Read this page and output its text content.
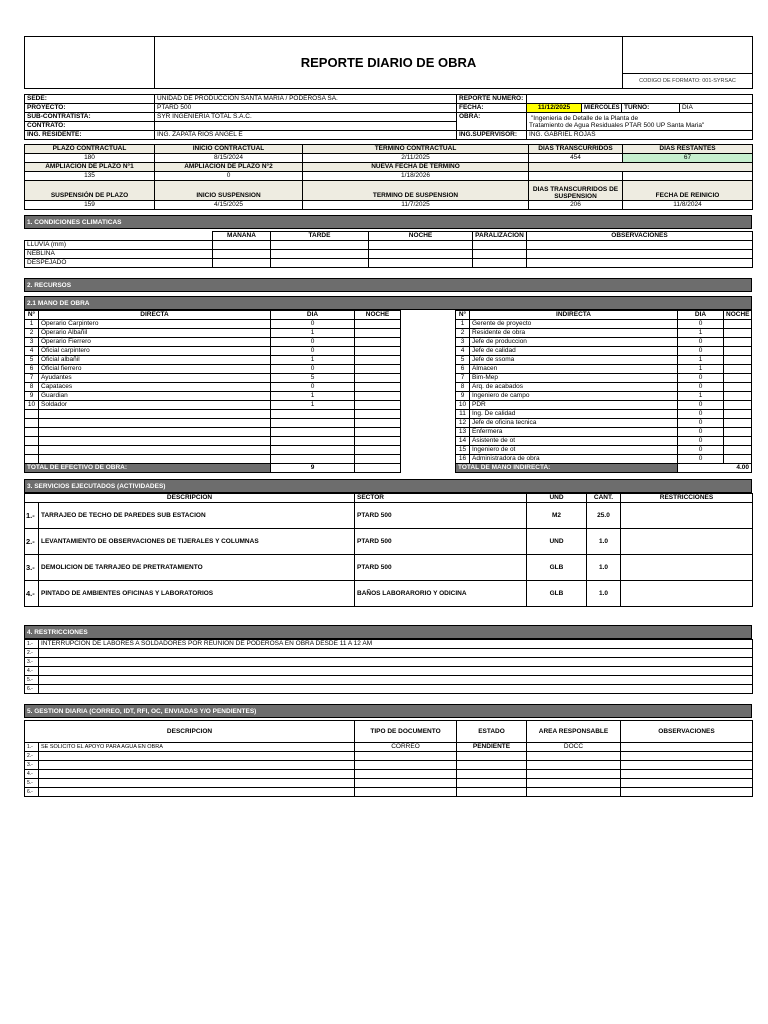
	REPORTE DIARIO DE OBRA	
CODIGO DE FORMATO: 001-SYRSAC
SEDE:	UNIDAD DE PRODUCCION SANTA MARIA / PODEROSA SA.	REPORTE NÚMERO:				
PROYECTO:	PTARD 500	FECHA:	11/12/2025	MIÉRCOLES	TURNO:	DIA
SUB-CONTRATISTA:	SYR INGENIERIA TOTAL S.A.C.	OBRA:	"Ingenieria de Detalle de la Planta de
Tratamiento de Agua Residuales PTAR 500 UP Santa Maria"			

CONTRATO:						
ING. RESIDENTE:	ING. ZAPATA RIOS ANGEL E	ING.SUPERVISOR:	ING. GABRIEL ROJAS			
PLAZO CONTRACTUAL	INICIO CONTRACTUAL	TÉRMINO CONTRACTUAL	DIAS TRANSCURRIDOS	DIAS RESTANTES
180	8/15/2024	2/11/2025	454	67
AMPLIACION DE PLAZO N°1	AMPLIACION DE PLAZO N°2	NUEVA FECHA DE TERMINO		
135	0	1/18/2026		
SUSPENSIÓN DE PLAZO	INICIO SUSPENSION	TERMINO DE SUSPENSION	DIAS TRANSCURRIDOS DE SUSPENSION	FECHA DE REINICIO
159	4/15/2025	11/7/2025	206	11/8/2024
1. CONDICIONES CLIMATICAS
	MAÑANA	TARDE	NOCHE	PARALIZACIÓN	OBSERVACIONES
LLUVIA (mm)					
NEBLINA					
DESPEJADO					
2. RECURSOS
2.1 MANO DE OBRA
N°	DIRECTA	DIA	NOCHE
1	Operario Carpintero	0	
2	Operario Albañil	1	
3	Operario Fierrero	0	
4	Oficial carpintero	0	
5	Oficial albañil	1	
6	Oficial fierrero	0	
7	Ayudantes	5	
8	Capataces	0	
9	Guardian	1	
10	Soldador	1	

TOTAL DE EFECTIVO DE OBRA:		9	
N°	INDIRECTA	DIA	NOCHE
1	Gerente de proyecto	0	
2	Residente de obra	1	
3	Jefe de produccion	0	
4	Jefe de calidad	0	
5	Jefe de ssoma	1	
6	Almacen	1	
7	Bim-Mep	0	
8	Arq. de acabados	0	
9	Ingeniero de campo	1	
10	PDR	0	
11	Ing. De calidad	0	
12	Jefe de oficina tecnica	0	
13	Enfermera	0	
14	Asistente de ot	0	
15	Ingeniero de ot	0	
16	Administradora de obra	0	
TOTAL DE MANO INDIRECTA:		4.00	
3. SERVICIOS EJECUTADOS (ACTIVIDADES)
DESCRIPCION		SECTOR	UND	CANT.	RESTRICCIONES
1.-	TARRAJEO DE TECHO DE PAREDES SUB ESTACION	PTARD 500	M2	25.0	
2.-	LEVANTAMIENTO DE OBSERVACIONES DE TIJERALES Y COLUMNAS	PTARD 500	UND	1.0	
3.-	DEMOLICION DE TARRAJEO DE PRETRATAMIENTO	PTARD 500	GLB	1.0	
4.-	PINTADO DE AMBIENTES OFICINAS Y LABORATORIOS	BAÑOS LABORARORIO Y ODICINA	GLB	1.0	
4. RESTRICCIONES
1.-	INTERRUPCION DE LABORES A SOLDADORES POR REUNION DE PODEROSA EN OBRA DESDE 11 A 12 AM
2.-	
3.-	
4.-	
5.-	
6.-	
5. GESTION DIARIA (CORREO, IDT, RFI, OC, ENVIADAS Y/O PENDIENTES)
DESCRIPCION		TIPO DE DOCUMENTO	ESTADO	AREA RESPONSABLE	OBSERVACIONES
1.-	SE SOLICITO EL APOYO PARA AGUA EN OBRA	CORREO	PENDIENTE	DOCC	
2.-					
3.-					
4.-					
5.-					
6.-					
